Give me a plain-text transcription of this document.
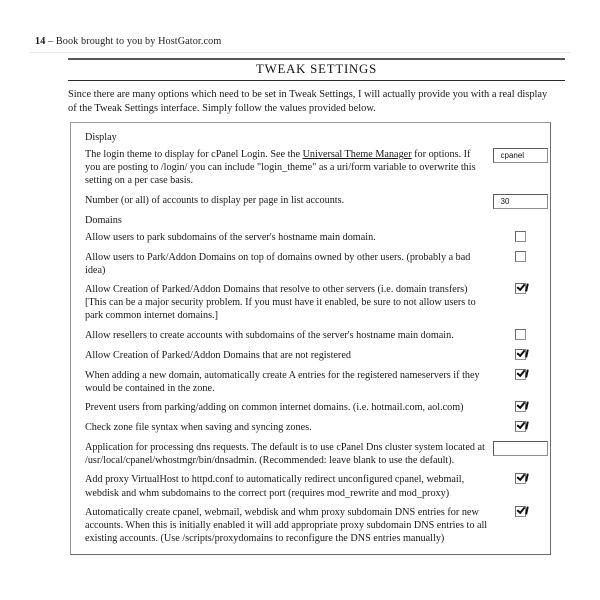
14 – Book brought to you by HostGator.com
TWEAK SETTINGS
Since there are many options which need to be set in Tweak Settings, I will actually provide you with a real display of the Tweak Settings interface. Simply follow the values provided below.
Display
The login theme to display for cPanel Login. See the Universal Theme Manager for options. If you are posting to /login/ you can include "login_theme" as a uri/form variable to overwrite this setting on a per case basis.
cpanel
Number (or all) of accounts to display per page in list accounts.
30
Domains
Allow users to park subdomains of the server's hostname main domain.
Allow users to Park/Addon Domains on top of domains owned by other users. (probably a bad idea)
Allow Creation of Parked/Addon Domains that resolve to other servers (i.e. domain transfers) [This can be a major security problem. If you must have it enabled, be sure to not allow users to park common internet domains.]
Allow resellers to create accounts with subdomains of the server's hostname main domain.
Allow Creation of Parked/Addon Domains that are not registered
When adding a new domain, automatically create A entries for the registered nameservers if they would be contained in the zone.
Prevent users from parking/adding on common internet domains. (i.e. hotmail.com, aol.com)
Check zone file syntax when saving and syncing zones.
Application for processing dns requests. The default is to use cPanel Dns cluster system located at /usr/local/cpanel/whostmgr/bin/dnsadmin. (Recommended: leave blank to use the default).
Add proxy VirtualHost to httpd.conf to automatically redirect unconfigured cpanel, webmail, webdisk and whm subdomains to the correct port (requires mod_rewrite and mod_proxy)
Automatically create cpanel, webmail, webdisk and whm proxy subdomain DNS entries for new accounts. When this is initially enabled it will add appropriate proxy subdomain DNS entries to all existing accounts. (Use /scripts/proxydomains to reconfigure the DNS entries manually)
